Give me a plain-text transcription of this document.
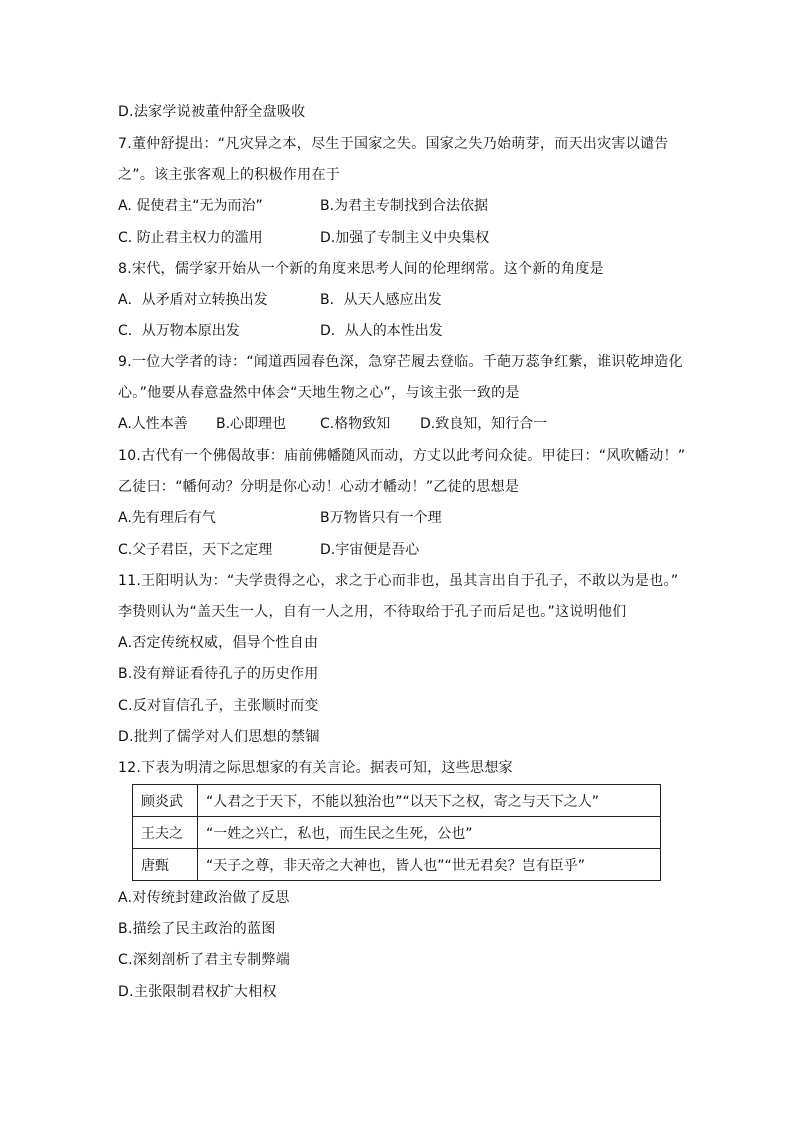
D.法家学说被董仲舒全盘吸收
7.董仲舒提出：“凡灾异之本，尽生于国家之失。国家之失乃始萌芽，而天出灾害以谴告
之”。该主张客观上的积极作用在于
A. 促使君主“无为而治”	B.为君主专制找到合法依据
C. 防止君主权力的滥用	D.加强了专制主义中央集权
8.宋代，儒学家开始从一个新的角度来思考人间的伦理纲常。这个新的角度是
A．从矛盾对立转换出发	B．从天人感应出发
C．从万物本原出发	D．从人的本性出发
9.一位大学者的诗：“闻道西园春色深，急穿芒履去登临。千葩万蕊争红紫，谁识乾坤造化
心。”他要从春意盎然中体会“天地生物之心”，与该主张一致的是
A.人性本善 B.心即理也 C.格物致知 D.致良知，知行合一
10.古代有一个佛偈故事：庙前佛幡随风而动，方丈以此考问众徒。甲徒曰：“风吹幡动！”
乙徒曰：“幡何动？分明是你心动！心动才幡动！”乙徒的思想是
A.先有理后有气	B万物皆只有一个理
C.父子君臣，天下之定理	D.宇宙便是吾心
11.王阳明认为：“夫学贵得之心，求之于心而非也，虽其言出自于孔子，不敢以为是也。”
李贽则认为“盖天生一人，自有一人之用，不待取给于孔子而后足也。”这说明他们
A.否定传统权威，倡导个性自由
B.没有辩证看待孔子的历史作用
C.反对盲信孔子，主张顺时而变
D.批判了儒学对人们思想的禁锢
12.下表为明清之际思想家的有关言论。据表可知，这些思想家
顾炎武	“人君之于天下，不能以独治也”“以天下之权，寄之与天下之人”
王夫之	“一姓之兴亡，私也，而生民之生死，公也”
唐甄	“天子之尊，非天帝之大神也，皆人也”“世无君矣？岂有臣乎”
A.对传统封建政治做了反思
B.描绘了民主政治的蓝图
C.深刻剖析了君主专制弊端
D.主张限制君权扩大相权
